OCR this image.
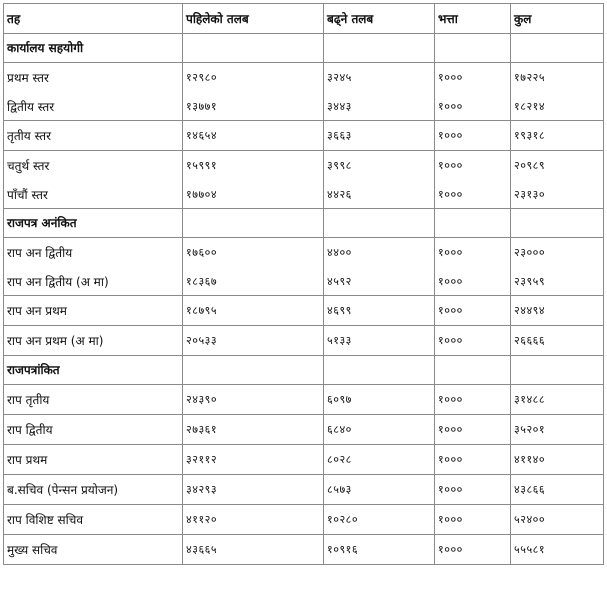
तह	पहिलेको तलब	बढ्ने तलब	भत्ता	कुल
कार्यालय सहयोगी				
प्रथम स्तर	१२९८०	३२४५	१०००	१७२२५
द्वितीय स्तर	१३७७१	३४४३	१०००	१८२१४
तृतीय स्तर	१४६५४	३६६३	१०००	१९३१८
चतुर्थ स्तर	१५९९१	३९९८	१०००	२०९८९
पाँचौं स्तर	१७७०४	४४२६	१०००	२३१३०
राजपत्र अनंकित				
राप अन द्वितीय	१७६००	४४००	१०००	२३०००
राप अन द्वितीय (अ मा)	१८३६७	४५९२	१०००	२३९५९
राप अन प्रथम	१८७९५	४६९९	१०००	२४४९४
राप अन प्रथम (अ मा)	२०५३३	५१३३	१०००	२६६६६
राजपत्रांकित				
राप तृतीय	२४३९०	६०९७	१०००	३१४८८
राप द्वितीय	२७३६१	६८४०	१०००	३५२०१
राप प्रथम	३२११२	८०२८	१०००	४११४०
ब.सचिव (पेन्सन प्रयोजन)	३४२९३	८५७३	१०००	४३८६६
राप विशिष्ट सचिव	४११२०	१०२८०	१०००	५२४००
मुख्य सचिव	४३६६५	१०९१६	१०००	५५५८१
